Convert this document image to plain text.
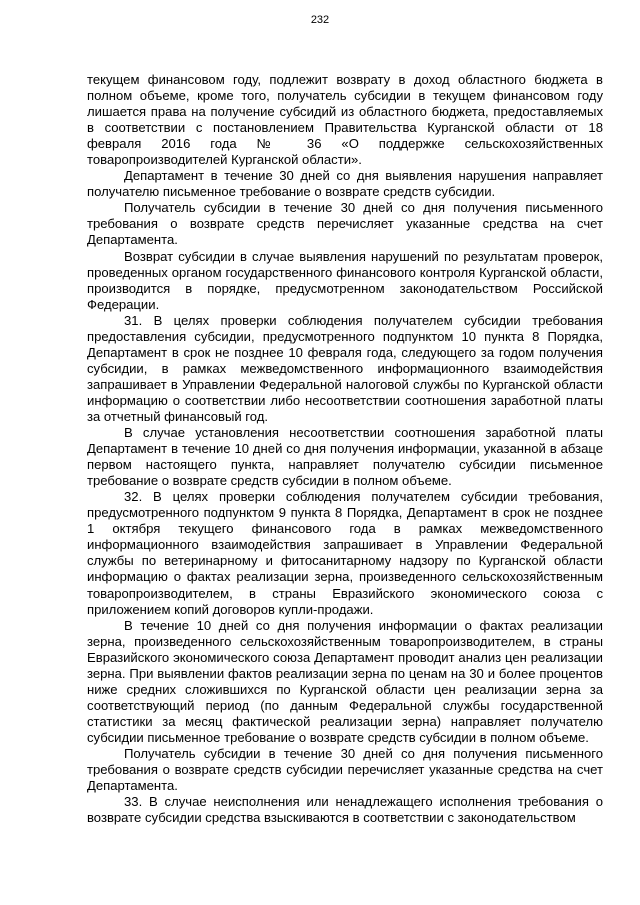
232

текущем финансовом году, подлежит возврату в доход областного бюджета в полном объеме, кроме того, получатель субсидии в текущем финансовом году лишается права на получение субсидий из областного бюджета, предоставляемых в соответствии с постановлением Правительства Курганской области от 18 февраля 2016 года № 36 «О поддержке сельскохозяйственных товаропроизводителей Курганской области».

Департамент в течение 30 дней со дня выявления нарушения направляет получателю письменное требование о возврате средств субсидии.

Получатель субсидии в течение 30 дней со дня получения письменного требования о возврате средств перечисляет указанные средства на счет Департамента.

Возврат субсидии в случае выявления нарушений по результатам проверок, проведенных органом государственного финансового контроля Курганской области, производится в порядке, предусмотренном законодательством Российской Федерации.

31. В целях проверки соблюдения получателем субсидии требования предоставления субсидии, предусмотренного подпунктом 10 пункта 8 Порядка, Департамент в срок не позднее 10 февраля года, следующего за годом получения субсидии, в рамках межведомственного информационного взаимодействия запрашивает в Управлении Федеральной налоговой службы по Курганской области информацию о соответствии либо несоответствии соотношения заработной платы за отчетный финансовый год.

В случае установления несоответствии соотношения заработной платы Департамент в течение 10 дней со дня получения информации, указанной в абзаце первом настоящего пункта, направляет получателю субсидии письменное требование о возврате средств субсидии в полном объеме.

32. В целях проверки соблюдения получателем субсидии требования, предусмотренного подпунктом 9 пункта 8 Порядка, Департамент в срок не позднее 1 октября текущего финансового года в рамках межведомственного информационного взаимодействия запрашивает в Управлении Федеральной службы по ветеринарному и фитосанитарному надзору по Курганской области информацию о фактах реализации зерна, произведенного сельскохозяйственным товаропроизводителем, в страны Евразийского экономического союза с приложением копий договоров купли-продажи.

В течение 10 дней со дня получения информации о фактах реализации зерна, произведенного сельскохозяйственным товаропроизводителем, в страны Евразийского экономического союза Департамент проводит анализ цен реализации зерна. При выявлении фактов реализации зерна по ценам на 30 и более процентов ниже средних сложившихся по Курганской области цен реализации зерна за соответствующий период (по данным Федеральной службы государственной статистики за месяц фактической реализации зерна) направляет получателю субсидии письменное требование о возврате средств субсидии в полном объеме.

Получатель субсидии в течение 30 дней со дня получения письменного требования о возврате средств субсидии перечисляет указанные средства на счет Департамента.

33. В случае неисполнения или ненадлежащего исполнения требования о возврате субсидии средства взыскиваются в соответствии с законодательством
